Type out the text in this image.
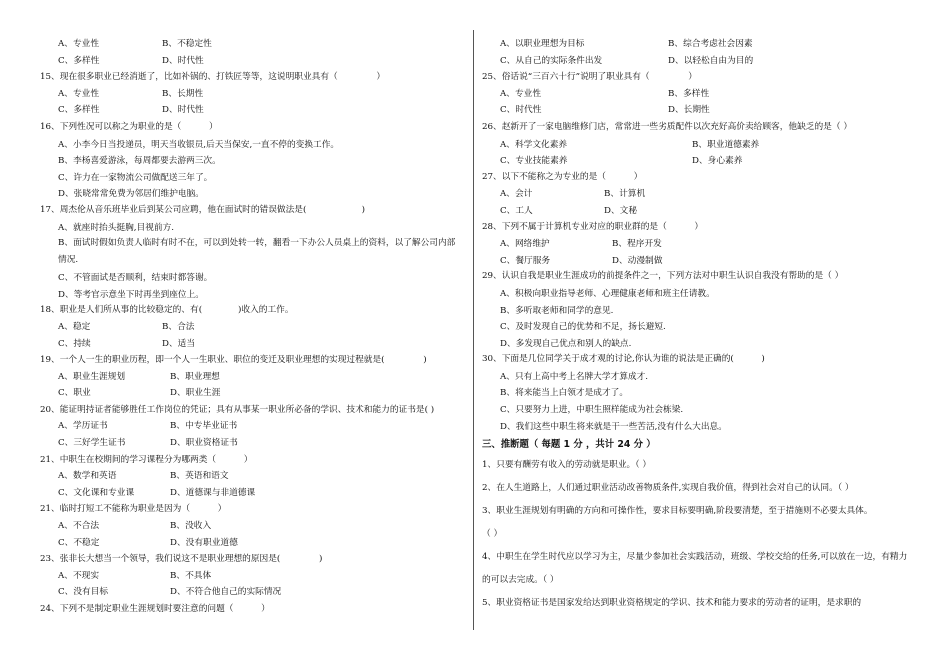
A、专业性	B、不稳定性
C、多样性	D、时代性
15、现在很多职业已经消逝了，比如补锅的、打铁匠等等，这说明职业具有（              ）
A、专业性	B、长期性
C、多样性	D、时代性
16、下列性况可以称之为职业的是（          ）
A、小李今日当投递员，明天当收银员,后天当保安,一直不停的变换工作。
B、李杨喜爱游泳，每周都要去游两三次。
C、许力在一家物流公司做配送三年了。
D、张晓常常免费为邻居们维护电脑。
17、周杰伦从音乐班毕业后到某公司应聘，他在面试时的错误做法是(                    )
A、就座时抬头挺胸,目视前方.
B、面试时假如负责人临时有时不在，可以到处转一转，翻看一下办公人员桌上的资料，以了解公司内部情况.
C、不管面试是否顺利，结束时都答谢。
D、等考官示意坐下时再坐到座位上。
18、职业是人们所从事的比较稳定的、有(             )收入的工作。
A、稳定	B、合法
C、持续	D、适当
19、一个人一生的职业历程，即一个人一生职业、职位的变迁及职业理想的实现过程就是(              )
A、职业生涯规划	B、职业理想
C、职业	D、职业生涯
20、能证明持证者能够胜任工作岗位的凭证；具有从事某一职业所必备的学识、技术和能力的证书是( )
A、学历证书	B、中专毕业证书
C、三好学生证书	D、职业资格证书
21、中职生在校期间的学习课程分为哪两类（          ）
A、数学和英语	B、英语和语文
C、文化课和专业课	D、道德课与非道德课
21、临时打短工不能称为职业是因为（          ）
A、不合法	B、没收入
C、不稳定	D、没有职业道德
23、张非长大想当一个领导，我们说这不是职业理想的原因是(              )
A、不现实	B、不具体
C、没有目标	D、不符合他自己的实际情况
24、下列不是制定职业生涯规划时要注意的问题（          ）
A、以职业理想为目标	B、综合考虑社会因素
C、从自己的实际条件出发	D、以轻松自由为目的
25、俗话说“三百六十行”说明了职业具有（              ）
A、专业性	B、多样性
C、时代性	D、长期性
26、赵新开了一家电脑维修门店，常常进一些劣质配件以次充好高价卖给顾客，他缺乏的是（ ）
A、科学文化素养	B、职业道德素养
C、专业技能素养	D、身心素养
27、以下不能称之为专业的是（          ）
A、会计	B、计算机
C、工人	D、文秘
28、下列不属于计算机专业对应的职业群的是（          ）
A、网络维护	B、程序开发
C、餐厅服务	D、动漫制做
29、认识自我是职业生涯成功的前提条件之一，下列方法对中职生认识自我没有帮助的是（ ）
A、积极向职业指导老师、心理健康老师和班主任请教。
B、多听取老师和同学的意见.
C、及时发现自己的优势和不足，扬长避短.
D、多发现自己优点和别人的缺点.
30、下面是几位同学关于成才观的讨论,你认为谁的说法是正确的(          )
A、只有上高中考上名牌大学才算成才.
B、将来能当上白领才是成才了。
C、只要努力上进，中职生照样能成为社会栋梁.
D、我们这些中职生将来就是干一些苦活,没有什么大出息。
三、推断题（ 每题 1 分 ，共计 24 分 ）
1、只要有酬劳有收入的劳动就是职业。（ ）
2、在人生道路上，人们通过职业活动改善物质条件,实现自我价值，得到社会对自己的认同。（ ）
3、职业生涯规划有明确的方向和可操作性，要求目标要明确,阶段要清楚，至于措施则不必要太具体。
（ ）
4、中职生在学生时代应以学习为主，尽量少参加社会实践活动，班级、学校交给的任务,可以放在一边，有精力的可以去完成。（ ）
5、职业资格证书是国家发给达到职业资格规定的学识、技术和能力要求的劳动者的证明，是求职的
